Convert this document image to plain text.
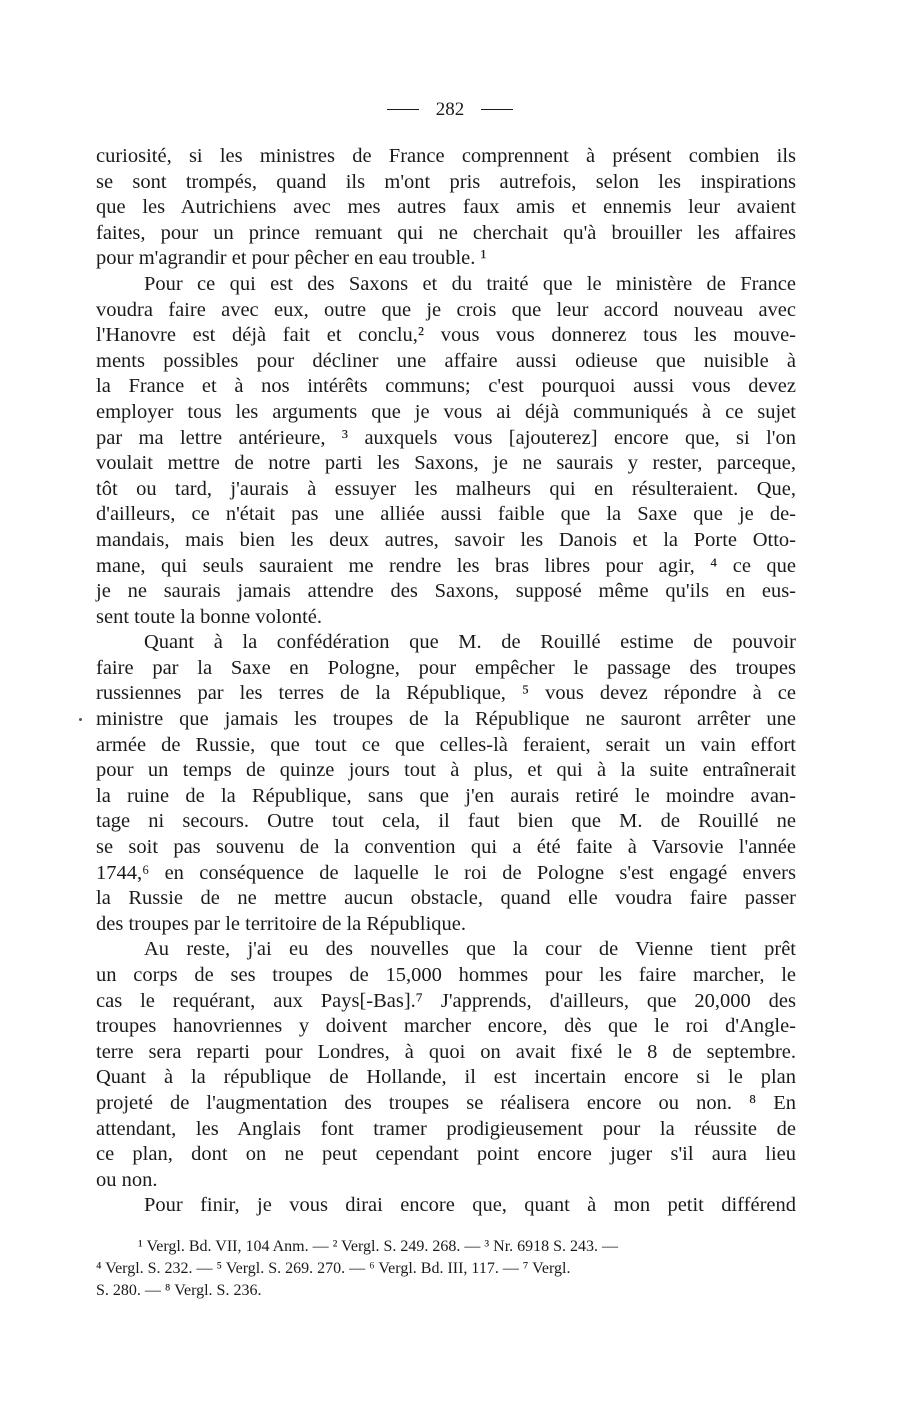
282

curiosité, si les ministres de France comprennent à présent combien ils
se sont trompés, quand ils m'ont pris autrefois, selon les inspirations
que les Autrichiens avec mes autres faux amis et ennemis leur avaient
faites, pour un prince remuant qui ne cherchait qu'à brouiller les affaires
pour m'agrandir et pour pêcher en eau trouble. ¹

Pour ce qui est des Saxons et du traité que le ministère de France
voudra faire avec eux, outre que je crois que leur accord nouveau avec
l'Hanovre est déjà fait et conclu,² vous vous donnerez tous les mouve-
ments possibles pour décliner une affaire aussi odieuse que nuisible à
la France et à nos intérêts communs; c'est pourquoi aussi vous devez
employer tous les arguments que je vous ai déjà communiqués à ce sujet
par ma lettre antérieure, ³ auxquels vous [ajouterez] encore que, si l'on
voulait mettre de notre parti les Saxons, je ne saurais y rester, parceque,
tôt ou tard, j'aurais à essuyer les malheurs qui en résulteraient. Que,
d'ailleurs, ce n'était pas une alliée aussi faible que la Saxe que je de-
mandais, mais bien les deux autres, savoir les Danois et la Porte Otto-
mane, qui seuls sauraient me rendre les bras libres pour agir, ⁴ ce que
je ne saurais jamais attendre des Saxons, supposé même qu'ils en eus-
sent toute la bonne volonté.

Quant à la confédération que M. de Rouillé estime de pouvoir
faire par la Saxe en Pologne, pour empêcher le passage des troupes
russiennes par les terres de la République, ⁵ vous devez répondre à ce
ministre que jamais les troupes de la République ne sauront arrêter une
armée de Russie, que tout ce que celles-là feraient, serait un vain effort
pour un temps de quinze jours tout à plus, et qui à la suite entraînerait
la ruine de la République, sans que j'en aurais retiré le moindre avan-
tage ni secours. Outre tout cela, il faut bien que M. de Rouillé ne
se soit pas souvenu de la convention qui a été faite à Varsovie l'année
1744,⁶ en conséquence de laquelle le roi de Pologne s'est engagé envers
la Russie de ne mettre aucun obstacle, quand elle voudra faire passer
des troupes par le territoire de la République.

Au reste, j'ai eu des nouvelles que la cour de Vienne tient prêt
un corps de ses troupes de 15,000 hommes pour les faire marcher, le
cas le requérant, aux Pays[-Bas].⁷ J'apprends, d'ailleurs, que 20,000 des
troupes hanovriennes y doivent marcher encore, dès que le roi d'Angle-
terre sera reparti pour Londres, à quoi on avait fixé le 8 de septembre.
Quant à la république de Hollande, il est incertain encore si le plan
projeté de l'augmentation des troupes se réalisera encore ou non. ⁸ En
attendant, les Anglais font tramer prodigieusement pour la réussite de
ce plan, dont on ne peut cependant point encore juger s'il aura lieu
ou non.

Pour finir, je vous dirai encore que, quant à mon petit différend

¹ Vergl. Bd. VII, 104 Anm. — ² Vergl. S. 249. 268. — ³ Nr. 6918 S. 243. —
⁴ Vergl. S. 232. — ⁵ Vergl. S. 269. 270. — ⁶ Vergl. Bd. III, 117. — ⁷ Vergl.
S. 280. — ⁸ Vergl. S. 236.
